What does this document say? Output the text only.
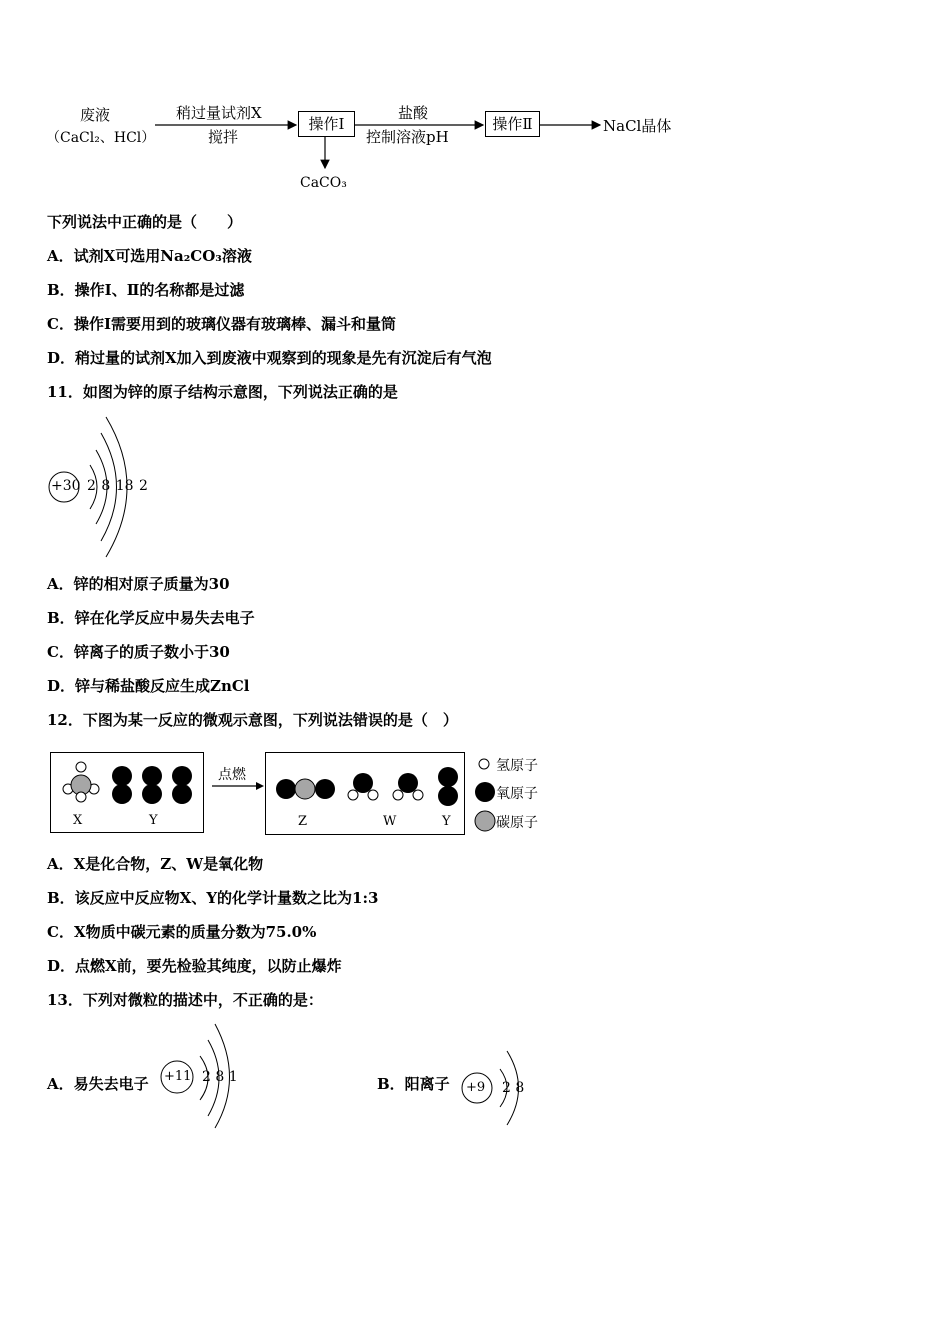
废液
（CaCl₂、HCl）
稍过量试剂X
搅拌
操作Ⅰ
盐酸
控制溶液pH
操作Ⅱ	NaCl晶体
CaCO₃
下列说法中正确的是（　　）
A．试剂X可选用Na₂CO₃溶液
B．操作Ⅰ、Ⅱ的名称都是过滤
C．操作I需要用到的玻璃仪器有玻璃棒、漏斗和量筒
D．稍过量的试剂X加入到废液中观察到的现象是先有沉淀后有气泡
11．如图为锌的原子结构示意图，下列说法正确的是
+30 2 8 18 2
A．锌的相对原子质量为30
B．锌在化学反应中易失去电子
C．锌离子的质子数小于30
D．锌与稀盐酸反应生成ZnCl
12．下图为某一反应的微观示意图，下列说法错误的是（　）
X	Y
点燃
Z	W	Y
氢原子
氧原子
碳原子
A．X是化合物，Z、W是氧化物
B．该反应中反应物X、Y的化学计量数之比为1:3
C．X物质中碳元素的质量分数为75.0%
D．点燃X前，要先检验其纯度，以防止爆炸
13．下列对微粒的描述中，不正确的是：
A．易失去电子 +11 2 8 1	B．阳离子 +9 2 8
